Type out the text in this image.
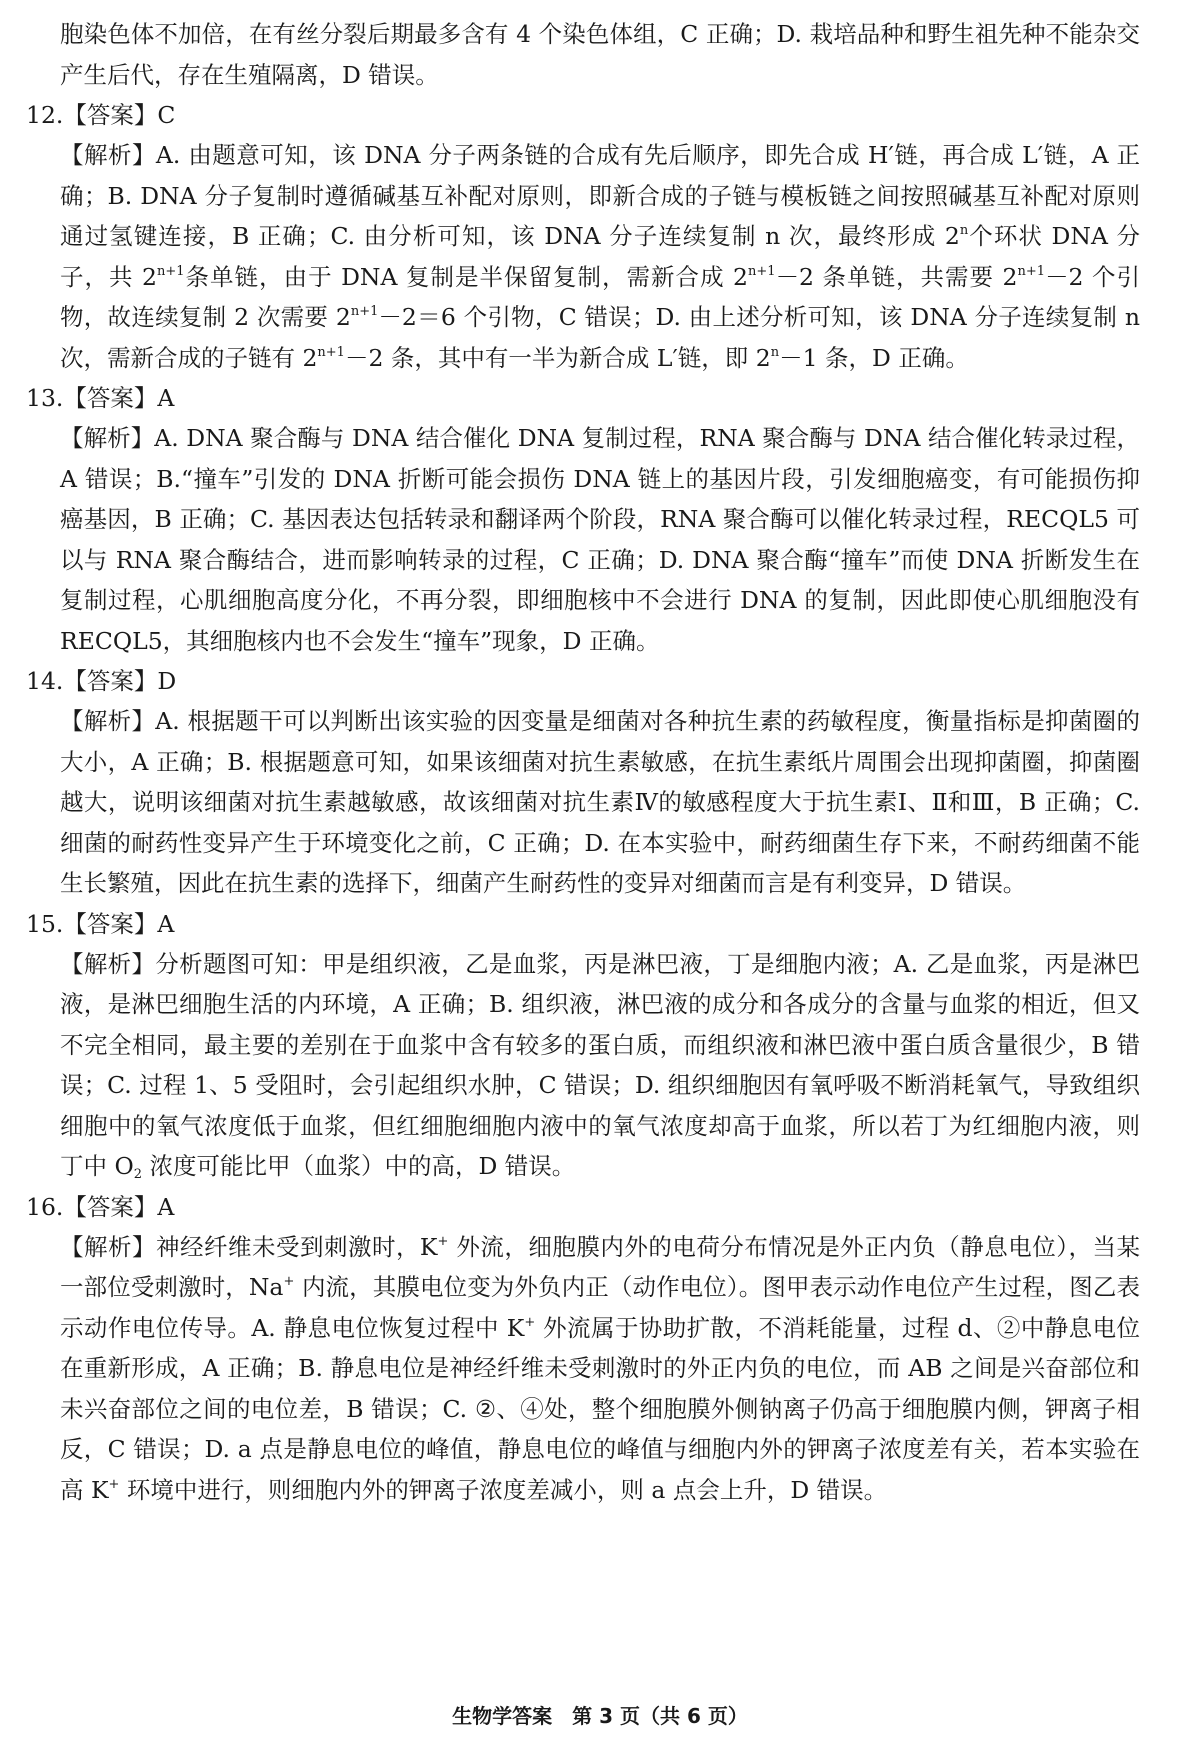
胞染色体不加倍，在有丝分裂后期最多含有 4 个染色体组，C 正确；D. 栽培品种和野生祖先种不能杂交产生后代，存在生殖隔离，D 错误。

12.【答案】C

【解析】A. 由题意可知，该 DNA 分子两条链的合成有先后顺序，即先合成 H′链，再合成 L′链，A 正确；B. DNA 分子复制时遵循碱基互补配对原则，即新合成的子链与模板链之间按照碱基互补配对原则通过氢键连接，B 正确；C. 由分析可知，该 DNA 分子连续复制 n 次，最终形成 2$^n$个环状 DNA 分子，共 $2^{n+1}$条单链，由于 DNA 复制是半保留复制，需新合成 $2^{n+1}-2$ 条单链，共需要 $2^{n+1}-2$ 个引物，故连续复制 2 次需要 $2^{n+1}-2=6$ 个引物，C 错误；D. 由上述分析可知，该 DNA 分子连续复制 n 次，需新合成的子链有 $2^{n+1}-2$ 条，其中有一半为新合成 L′链，即 $2^n-1$ 条，D 正确。

13.【答案】A

【解析】A. DNA 聚合酶与 DNA 结合催化 DNA 复制过程，RNA 聚合酶与 DNA 结合催化转录过程，A 错误；B.“撞车”引发的 DNA 折断可能会损伤 DNA 链上的基因片段，引发细胞癌变，有可能损伤抑癌基因，B 正确；C. 基因表达包括转录和翻译两个阶段，RNA 聚合酶可以催化转录过程，RECQL5 可以与 RNA 聚合酶结合，进而影响转录的过程，C 正确；D. DNA 聚合酶“撞车”而使 DNA 折断发生在复制过程，心肌细胞高度分化，不再分裂，即细胞核中不会进行 DNA 的复制，因此即使心肌细胞没有 RECQL5，其细胞核内也不会发生“撞车”现象，D 正确。

14.【答案】D

【解析】A. 根据题干可以判断出该实验的因变量是细菌对各种抗生素的药敏程度，衡量指标是抑菌圈的大小，A 正确；B. 根据题意可知，如果该细菌对抗生素敏感，在抗生素纸片周围会出现抑菌圈，抑菌圈越大，说明该细菌对抗生素越敏感，故该细菌对抗生素Ⅳ的敏感程度大于抗生素Ⅰ、Ⅱ和Ⅲ，B 正确；C. 细菌的耐药性变异产生于环境变化之前，C 正确；D. 在本实验中，耐药细菌生存下来，不耐药细菌不能生长繁殖，因此在抗生素的选择下，细菌产生耐药性的变异对细菌而言是有利变异，D 错误。

15.【答案】A

【解析】分析题图可知：甲是组织液，乙是血浆，丙是淋巴液，丁是细胞内液；A. 乙是血浆，丙是淋巴液，是淋巴细胞生活的内环境，A 正确；B. 组织液，淋巴液的成分和各成分的含量与血浆的相近，但又不完全相同，最主要的差别在于血浆中含有较多的蛋白质，而组织液和淋巴液中蛋白质含量很少，B 错误；C. 过程 1、5 受阻时，会引起组织水肿，C 错误；D. 组织细胞因有氧呼吸不断消耗氧气，导致组织细胞中的氧气浓度低于血浆，但红细胞细胞内液中的氧气浓度却高于血浆，所以若丁为红细胞内液，则丁中 $O_2$ 浓度可能比甲（血浆）中的高，D 错误。

16.【答案】A

【解析】神经纤维未受到刺激时，K+ 外流，细胞膜内外的电荷分布情况是外正内负（静息电位），当某一部位受刺激时，Na+ 内流，其膜电位变为外负内正（动作电位）。图甲表示动作电位产生过程，图乙表示动作电位传导。A. 静息电位恢复过程中 K+ 外流属于协助扩散，不消耗能量，过程 d、②中静息电位在重新形成，A 正确；B. 静息电位是神经纤维未受刺激时的外正内负的电位，而 AB 之间是兴奋部位和未兴奋部位之间的电位差，B 错误；C. ②、④处，整个细胞膜外侧钠离子仍高于细胞膜内侧，钾离子相反，C 错误；D. a 点是静息电位的峰值，静息电位的峰值与细胞内外的钾离子浓度差有关，若本实验在高 K+ 环境中进行，则细胞内外的钾离子浓度差减小，则 a 点会上升，D 错误。

生物学答案　第 3 页（共 6 页）
